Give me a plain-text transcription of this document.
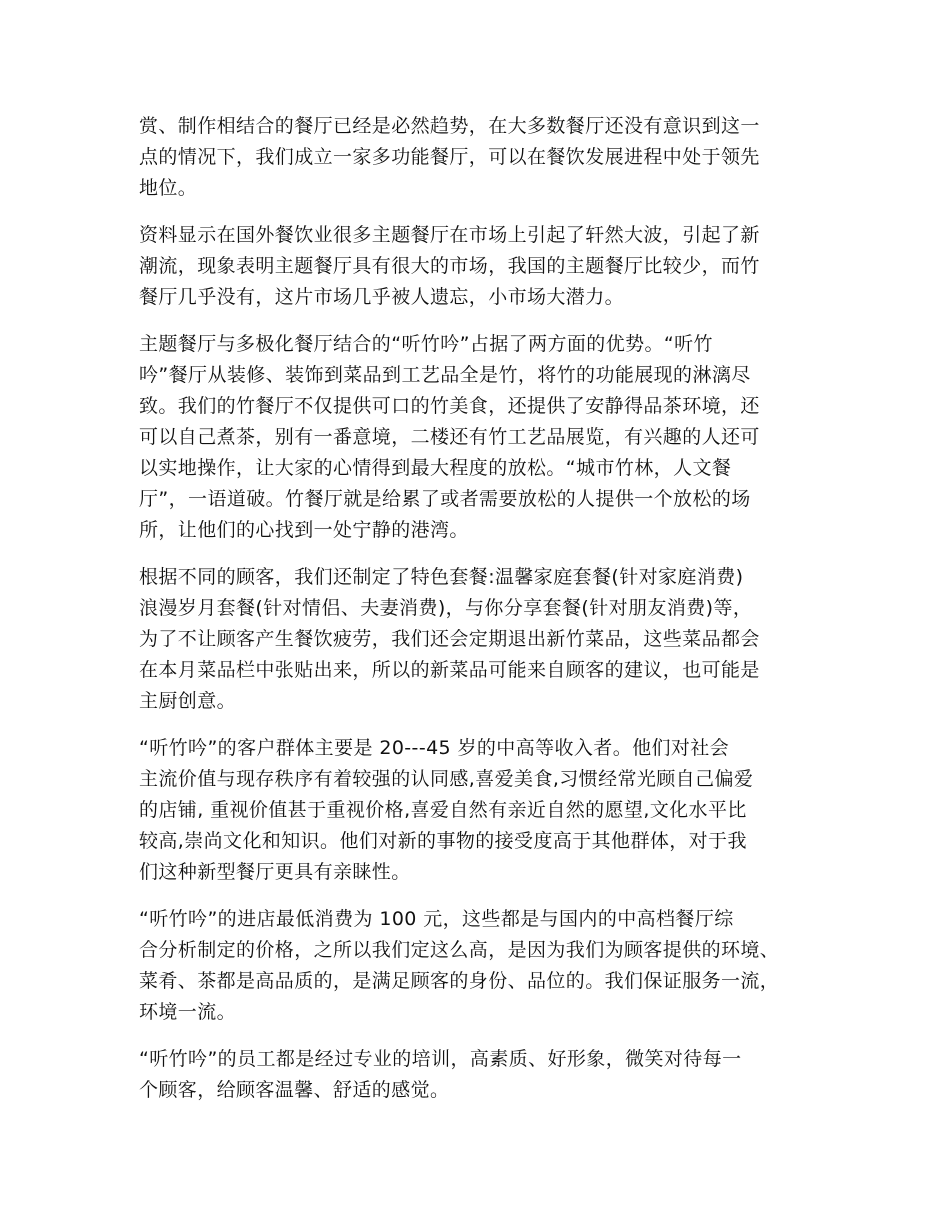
赏、制作相结合的餐厅已经是必然趋势，在大多数餐厅还没有意识到这一
点的情况下，我们成立一家多功能餐厅，可以在餐饮发展进程中处于领先
地位。

资料显示在国外餐饮业很多主题餐厅在市场上引起了轩然大波，引起了新
潮流，现象表明主题餐厅具有很大的市场，我国的主题餐厅比较少，而竹
餐厅几乎没有，这片市场几乎被人遗忘，小市场大潜力。

主题餐厅与多极化餐厅结合的“听竹吟”占据了两方面的优势。“听竹
吟”餐厅从装修、装饰到菜品到工艺品全是竹，将竹的功能展现的淋漓尽
致。我们的竹餐厅不仅提供可口的竹美食，还提供了安静得品茶环境，还
可以自己煮茶，别有一番意境，二楼还有竹工艺品展览，有兴趣的人还可
以实地操作，让大家的心情得到最大程度的放松。“城市竹林，人文餐
厅”，一语道破。竹餐厅就是给累了或者需要放松的人提供一个放松的场
所，让他们的心找到一处宁静的港湾。

根据不同的顾客，我们还制定了特色套餐:温馨家庭套餐(针对家庭消费)
浪漫岁月套餐(针对情侣、夫妻消费)，与你分享套餐(针对朋友消费)等，
为了不让顾客产生餐饮疲劳，我们还会定期退出新竹菜品，这些菜品都会
在本月菜品栏中张贴出来，所以的新菜品可能来自顾客的建议，也可能是
主厨创意。

“听竹吟”的客户群体主要是 20---45 岁的中高等收入者。他们对社会
主流价值与现存秩序有着较强的认同感,喜爱美食,习惯经常光顾自己偏爱
的店铺, 重视价值甚于重视价格,喜爱自然有亲近自然的愿望,文化水平比
较高,崇尚文化和知识。他们对新的事物的接受度高于其他群体，对于我
们这种新型餐厅更具有亲睐性。

“听竹吟”的进店最低消费为 100 元，这些都是与国内的中高档餐厅综
合分析制定的价格，之所以我们定这么高，是因为我们为顾客提供的环境、
菜肴、茶都是高品质的，是满足顾客的身份、品位的。我们保证服务一流，
环境一流。

“听竹吟”的员工都是经过专业的培训，高素质、好形象，微笑对待每一
个顾客，给顾客温馨、舒适的感觉。
